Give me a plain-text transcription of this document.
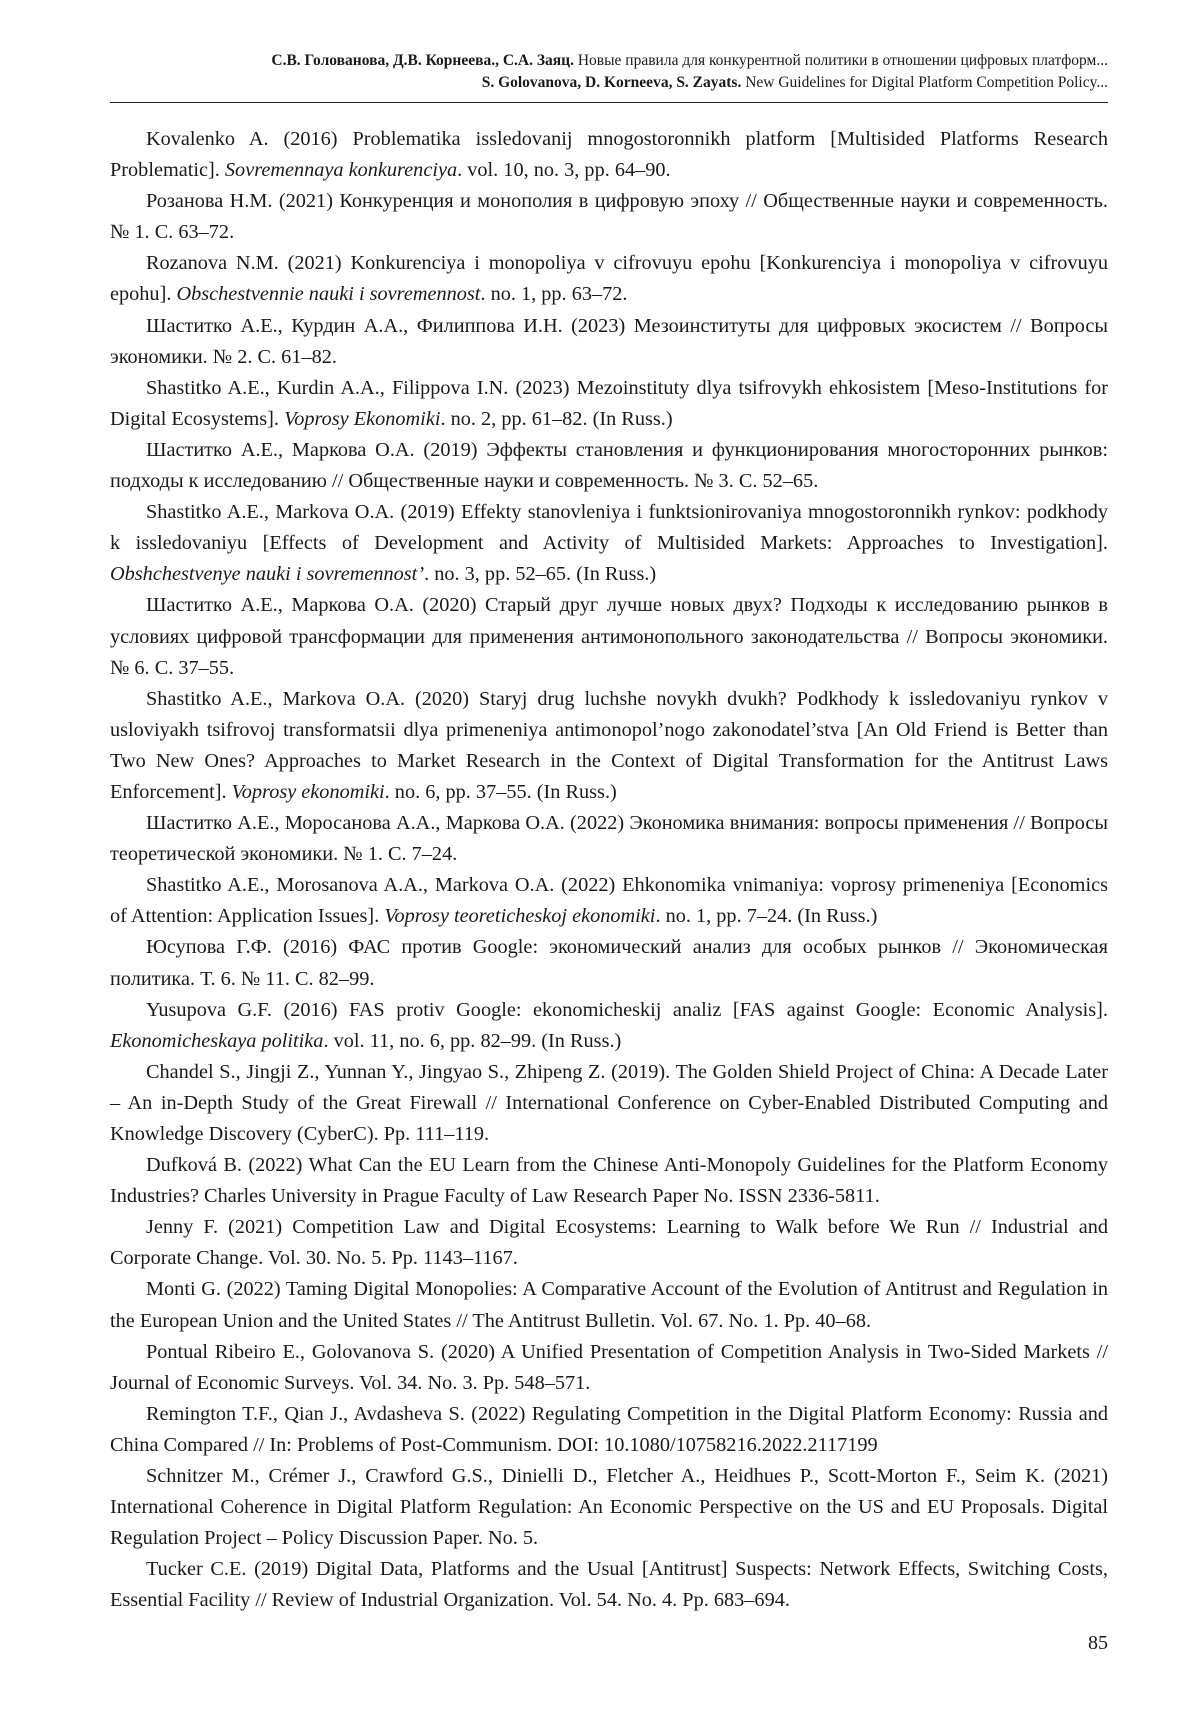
С.В. Голованова, Д.В. Корнеева., С.А. Заяц. Новые правила для конкурентной политики в отношении цифровых платформ...
S. Golovanova, D. Korneeva, S. Zayats. New Guidelines for Digital Platform Competition Policy...

Kovalenko A. (2016) Problematika issledovanij mnogostoronnikh platform [Multisided Platforms Research Problematic]. Sovremennaya konkurenciya. vol. 10, no. 3, pp. 64–90.

Розанова Н.М. (2021) Конкуренция и монополия в цифровую эпоху // Общественные науки и современность. № 1. С. 63–72.

Rozanova N.M. (2021) Konkurenciya i monopoliya v cifrovuyu epohu [Konkurenciya i monopoliya v cifrovuyu epohu]. Obschestvennie nauki i sovremennost. no. 1, pp. 63–72.

Шаститко А.Е., Курдин А.А., Филиппова И.Н. (2023) Мезоинституты для цифровых экосистем // Вопросы экономики. № 2. С. 61–82.

Shastitko A.E., Kurdin A.A., Filippova I.N. (2023) Mezoinstituty dlya tsifrovykh ehkosistem [Meso-Institutions for Digital Ecosystems]. Voprosy Ekonomiki. no. 2, pp. 61–82. (In Russ.)

Шаститко А.Е., Маркова О.А. (2019) Эффекты становления и функционирования многосторонних рынков: подходы к исследованию // Общественные науки и современность. № 3. С. 52–65.

Shastitko A.E., Markova O.A. (2019) Effekty stanovleniya i funktsionirovaniya mnogostoronnikh rynkov: podkhody k issledovaniyu [Effects of Development and Activity of Multisided Markets: Approaches to Investigation]. Obshchestvenye nauki i sovremennost’. no. 3, pp. 52–65. (In Russ.)

Шаститко А.Е., Маркова О.А. (2020) Старый друг лучше новых двух? Подходы к исследованию рынков в условиях цифровой трансформации для применения антимонопольного законодательства // Вопросы экономики. № 6. С. 37–55.

Shastitko A.E., Markova O.A. (2020) Staryj drug luchshe novykh dvukh? Podkhody k issledovaniyu rynkov v usloviyakh tsifrovoj transformatsii dlya primeneniya antimonopol’nogo zakonodatel’stva [An Old Friend is Better than Two New Ones? Approaches to Market Research in the Context of Digital Transformation for the Antitrust Laws Enforcement]. Voprosy ekonomiki. no. 6, pp. 37–55. (In Russ.)

Шаститко А.Е., Моросанова А.А., Маркова О.А. (2022) Экономика внимания: вопросы применения // Вопросы теоретической экономики. № 1. С. 7–24.

Shastitko A.E., Morosanova A.A., Markova O.A. (2022) Ehkonomika vnimaniya: voprosy primeneniya [Economics of Attention: Application Issues]. Voprosy teoreticheskoj ekonomiki. no. 1, pp. 7–24. (In Russ.)

Юсупова Г.Ф. (2016) ФАС против Google: экономический анализ для особых рынков // Экономическая политика. Т. 6. № 11. С. 82–99.

Yusupova G.F. (2016) FAS protiv Google: ekonomicheskij analiz [FAS against Google: Economic Analysis]. Ekonomicheskaya politika. vol. 11, no. 6, pp. 82–99. (In Russ.)

Chandel S., Jingji Z., Yunnan Y., Jingyao S., Zhipeng Z. (2019). The Golden Shield Project of China: A Decade Later – An in-Depth Study of the Great Firewall // International Conference on Cyber-Enabled Distributed Computing and Knowledge Discovery (CyberC). Pp. 111–119.

Dufková B. (2022) What Can the EU Learn from the Chinese Anti-Monopoly Guidelines for the Platform Economy Industries? Charles University in Prague Faculty of Law Research Paper No. ISSN 2336-5811.

Jenny F. (2021) Competition Law and Digital Ecosystems: Learning to Walk before We Run // Industrial and Corporate Change. Vol. 30. No. 5. Pp. 1143–1167.

Monti G. (2022) Taming Digital Monopolies: A Comparative Account of the Evolution of Antitrust and Regulation in the European Union and the United States // The Antitrust Bulletin. Vol. 67. No. 1. Pp. 40–68.

Pontual Ribeiro E., Golovanova S. (2020) A Unified Presentation of Competition Analysis in Two-Sided Markets // Journal of Economic Surveys. Vol. 34. No. 3. Pp. 548–571.

Remington T.F., Qian J., Avdasheva S. (2022) Regulating Competition in the Digital Platform Economy: Russia and China Compared // In: Problems of Post-Communism. DOI: 10.1080/10758216.2022.2117199

Schnitzer M., Crémer J., Crawford G.S., Dinielli D., Fletcher A., Heidhues P., Scott-Morton F., Seim K. (2021) International Coherence in Digital Platform Regulation: An Economic Perspective on the US and EU Proposals. Digital Regulation Project – Policy Discussion Paper. No. 5.

Tucker C.E. (2019) Digital Data, Platforms and the Usual [Antitrust] Suspects: Network Effects, Switching Costs, Essential Facility // Review of Industrial Organization. Vol. 54. No. 4. Pp. 683–694.

85
